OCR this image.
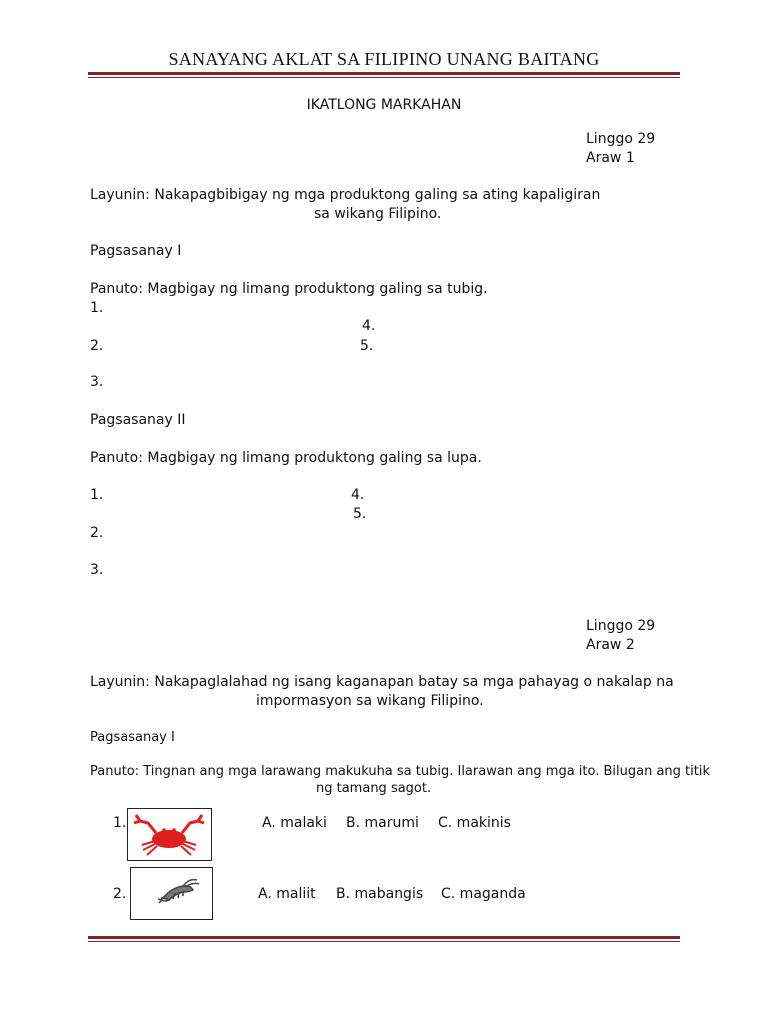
SANAYANG AKLAT SA FILIPINO UNANG BAITANG
IKATLONG MARKAHAN
Linggo 29
Araw 1
Layunin: Nakapagbibigay ng mga produktong galing sa ating kapaligiran
sa wikang Filipino.
Pagsasanay I
Panuto: Magbigay ng limang produktong galing sa tubig.
1.
4.
2.	5.
3.
Pagsasanay II
Panuto: Magbigay ng limang produktong galing sa lupa.
1.	4.
5.
2.
3.
Linggo 29
Araw 2
Layunin: Nakapaglalahad ng isang kaganapan batay sa mga pahayag o nakalap na
impormasyon sa wikang Filipino.
Pagsasanay I
Panuto: Tingnan ang mga larawang makukuha sa tubig. Ilarawan ang mga ito. Bilugan ang titik
ng tamang sagot.
1.	A. malaki B. marumi C. makinis
2.	A. maliit B. mabangis C. maganda
